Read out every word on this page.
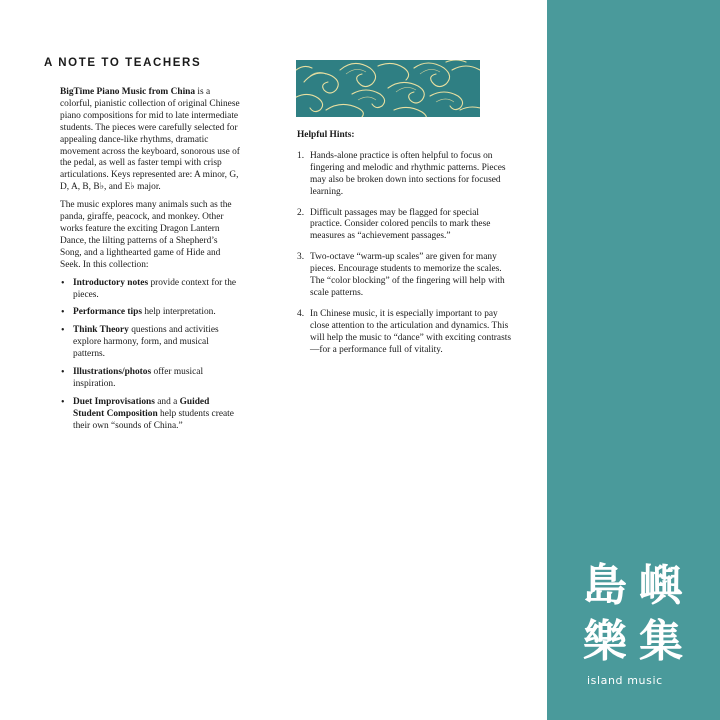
A NOTE TO TEACHERS

BigTime Piano Music from China is a colorful, pianistic collection of original Chinese piano compositions for mid to late intermediate students. The pieces were carefully selected for appealing dance-like rhythms, dramatic movement across the keyboard, sonorous use of the pedal, as well as faster tempi with crisp articulations. Keys represented are: A minor, G, D, A, B, B♭, and E♭ major.

The music explores many animals such as the panda, giraffe, peacock, and monkey. Other works feature the exciting Dragon Lantern Dance, the lilting patterns of a Shepherd’s Song, and a lighthearted game of Hide and Seek. In this collection:

• Introductory notes provide context for the pieces.
• Performance tips help interpretation.
• Think Theory questions and activities explore harmony, form, and musical patterns.
• Illustrations/photos offer musical inspiration.
• Duet Improvisations and a Guided Student Composition help students create their own “sounds of China.”
Helpful Hints:
1. Hands-alone practice is often helpful to focus on fingering and melodic and rhythmic patterns. Pieces may also be broken down into sections for focused learning.
2. Difficult passages may be flagged for special practice. Consider colored pencils to mark these measures as “achievement passages.”
3. Two-octave “warm-up scales” are given for many pieces. Encourage students to memorize the scales. The “color blocking” of the fingering will help with scale patterns.
4. In Chinese music, it is especially important to pay close attention to the articulation and dynamics. This will help the music to “dance” with exciting contrasts—for a performance full of vitality.
島 嶼
樂 集
island music
